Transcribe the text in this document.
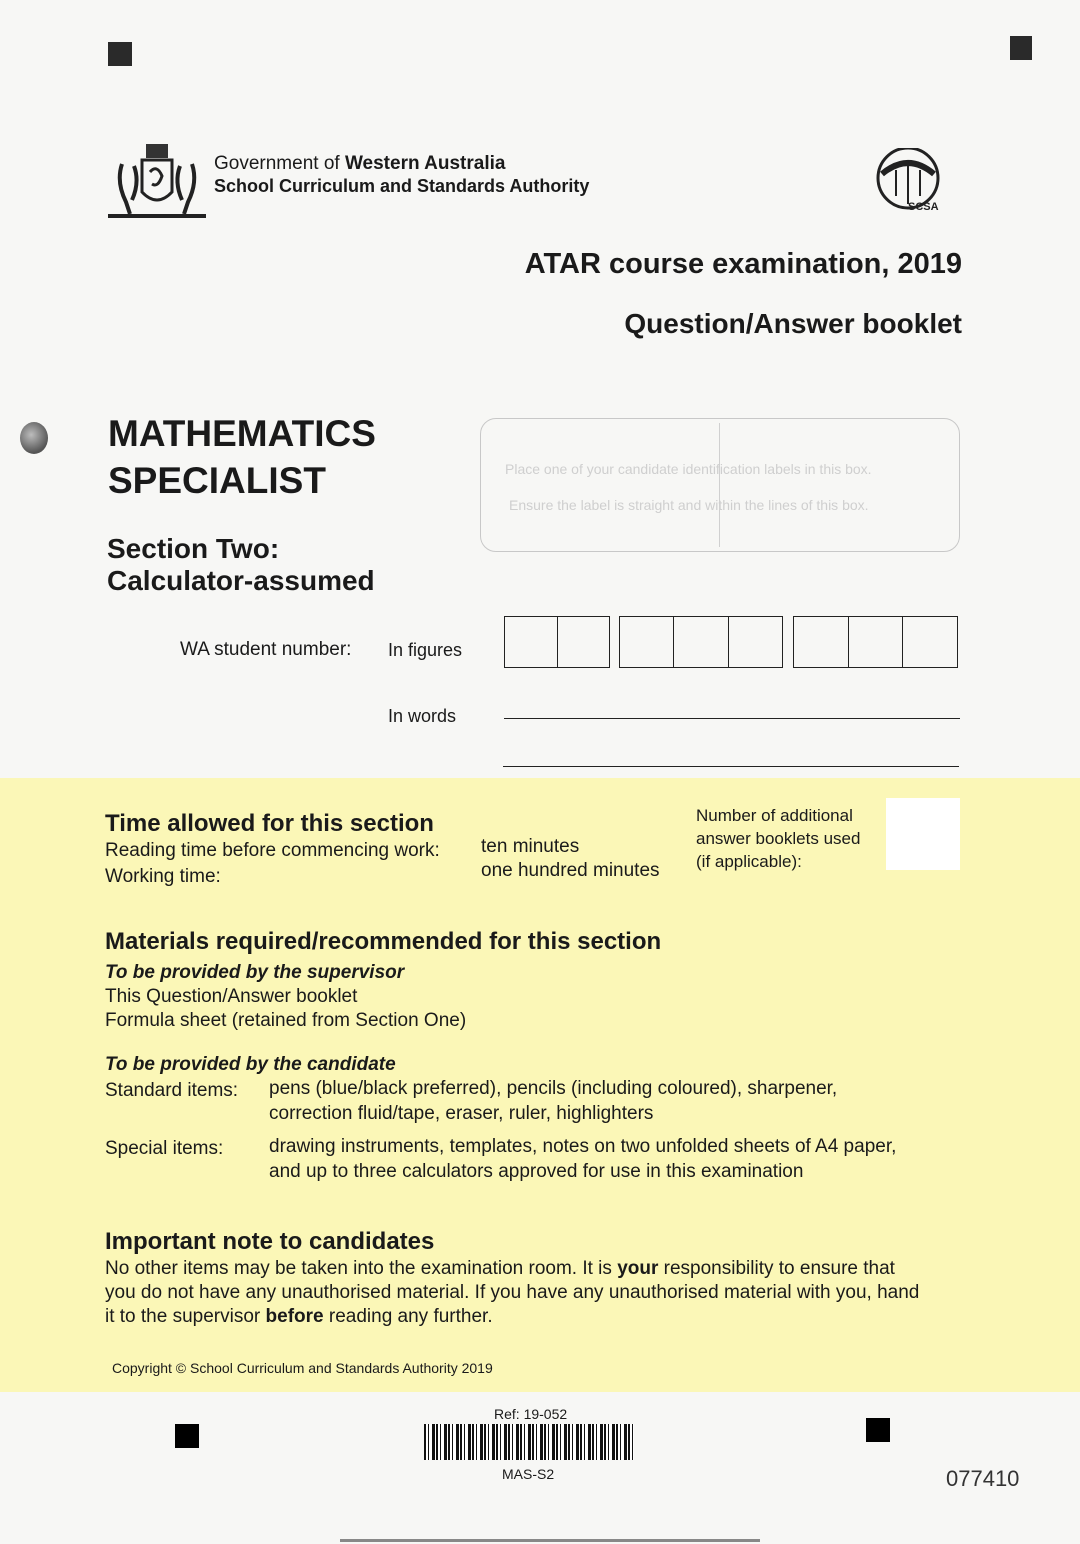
Government of Western Australia
School Curriculum and Standards Authority
SCSA
ATAR course examination, 2019
Question/Answer booklet
MATHEMATICS
SPECIALIST
Section Two:
Calculator-assumed
Place one of your candidate identification labels in this box.
Ensure the label is straight and within the lines of this box.
WA student number: In figures
In words
Time allowed for this section
Reading time before commencing work:
Working time:
ten minutes
one hundred minutes
Number of additional
answer booklets used
(if applicable):
Materials required/recommended for this section
To be provided by the supervisor
This Question/Answer booklet
Formula sheet (retained from Section One)
To be provided by the candidate
Standard items: pens (blue/black preferred), pencils (including coloured), sharpener,
correction fluid/tape, eraser, ruler, highlighters
Special items: drawing instruments, templates, notes on two unfolded sheets of A4 paper,
and up to three calculators approved for use in this examination
Important note to candidates
No other items may be taken into the examination room. It is your responsibility to ensure that
you do not have any unauthorised material. If you have any unauthorised material with you, hand
it to the supervisor before reading any further.
Copyright © School Curriculum and Standards Authority 2019
Ref: 19-052
MAS-S2	077410
